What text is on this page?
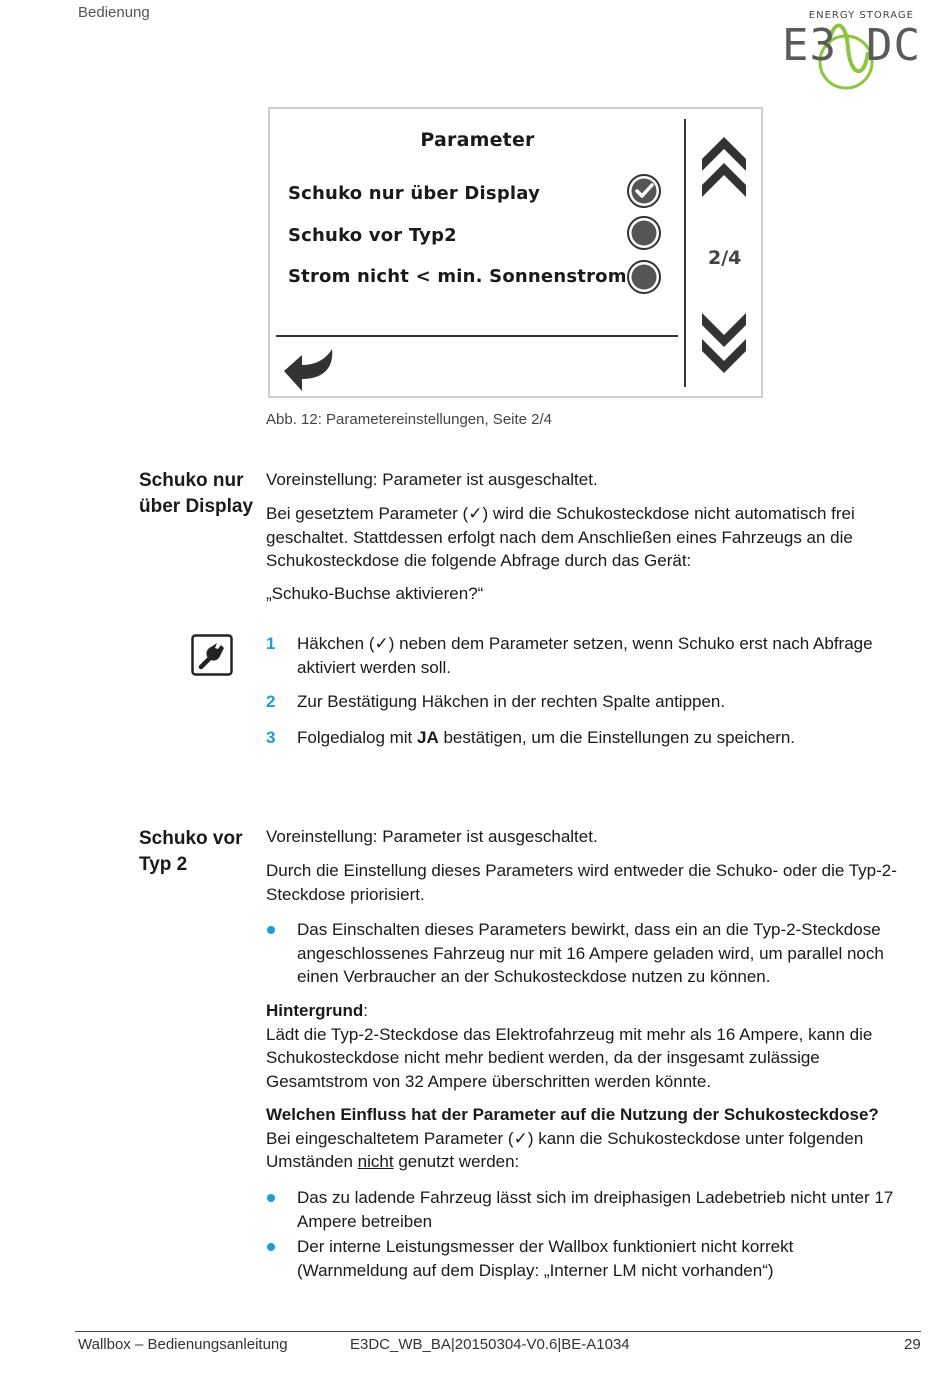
Bedienung	ENERGY STORAGE
E3 DC
Parameter
Schuko nur über Display
Schuko vor Typ2
Strom nicht < min. Sonnenstrom
2/4
Abb. 12: Parametereinstellungen, Seite 2/4
Schuko nur
über Display
Voreinstellung: Parameter ist ausgeschaltet.
Bei gesetztem Parameter (✓) wird die Schukosteckdose nicht automatisch frei geschaltet. Stattdessen erfolgt nach dem Anschließen eines Fahrzeugs an die Schukosteckdose die folgende Abfrage durch das Gerät:
„Schuko-Buchse aktivieren?“
1 Häkchen (✓) neben dem Parameter setzen, wenn Schuko erst nach Abfrage aktiviert werden soll.
2 Zur Bestätigung Häkchen in der rechten Spalte antippen.
3 Folgedialog mit JA bestätigen, um die Einstellungen zu speichern.
Schuko vor
Typ 2
Voreinstellung: Parameter ist ausgeschaltet.
Durch die Einstellung dieses Parameters wird entweder die Schuko- oder die Typ-2-Steckdose priorisiert.
Das Einschalten dieses Parameters bewirkt, dass ein an die Typ-2-Steckdose angeschlossenes Fahrzeug nur mit 16 Ampere geladen wird, um parallel noch einen Verbraucher an der Schukosteckdose nutzen zu können.
Hintergrund:
Lädt die Typ-2-Steckdose das Elektrofahrzeug mit mehr als 16 Ampere, kann die Schukosteckdose nicht mehr bedient werden, da der insgesamt zulässige Gesamtstrom von 32 Ampere überschritten werden könnte.
Welchen Einfluss hat der Parameter auf die Nutzung der Schukosteckdose?
Bei eingeschaltetem Parameter (✓) kann die Schukosteckdose unter folgenden Umständen nicht genutzt werden:
Das zu ladende Fahrzeug lässt sich im dreiphasigen Ladebetrieb nicht unter 17 Ampere betreiben
Der interne Leistungsmesser der Wallbox funktioniert nicht korrekt (Warnmeldung auf dem Display: „Interner LM nicht vorhanden“)
Wallbox – Bedienungsanleitung	E3DC_WB_BA|20150304-V0.6|BE-A1034	29
